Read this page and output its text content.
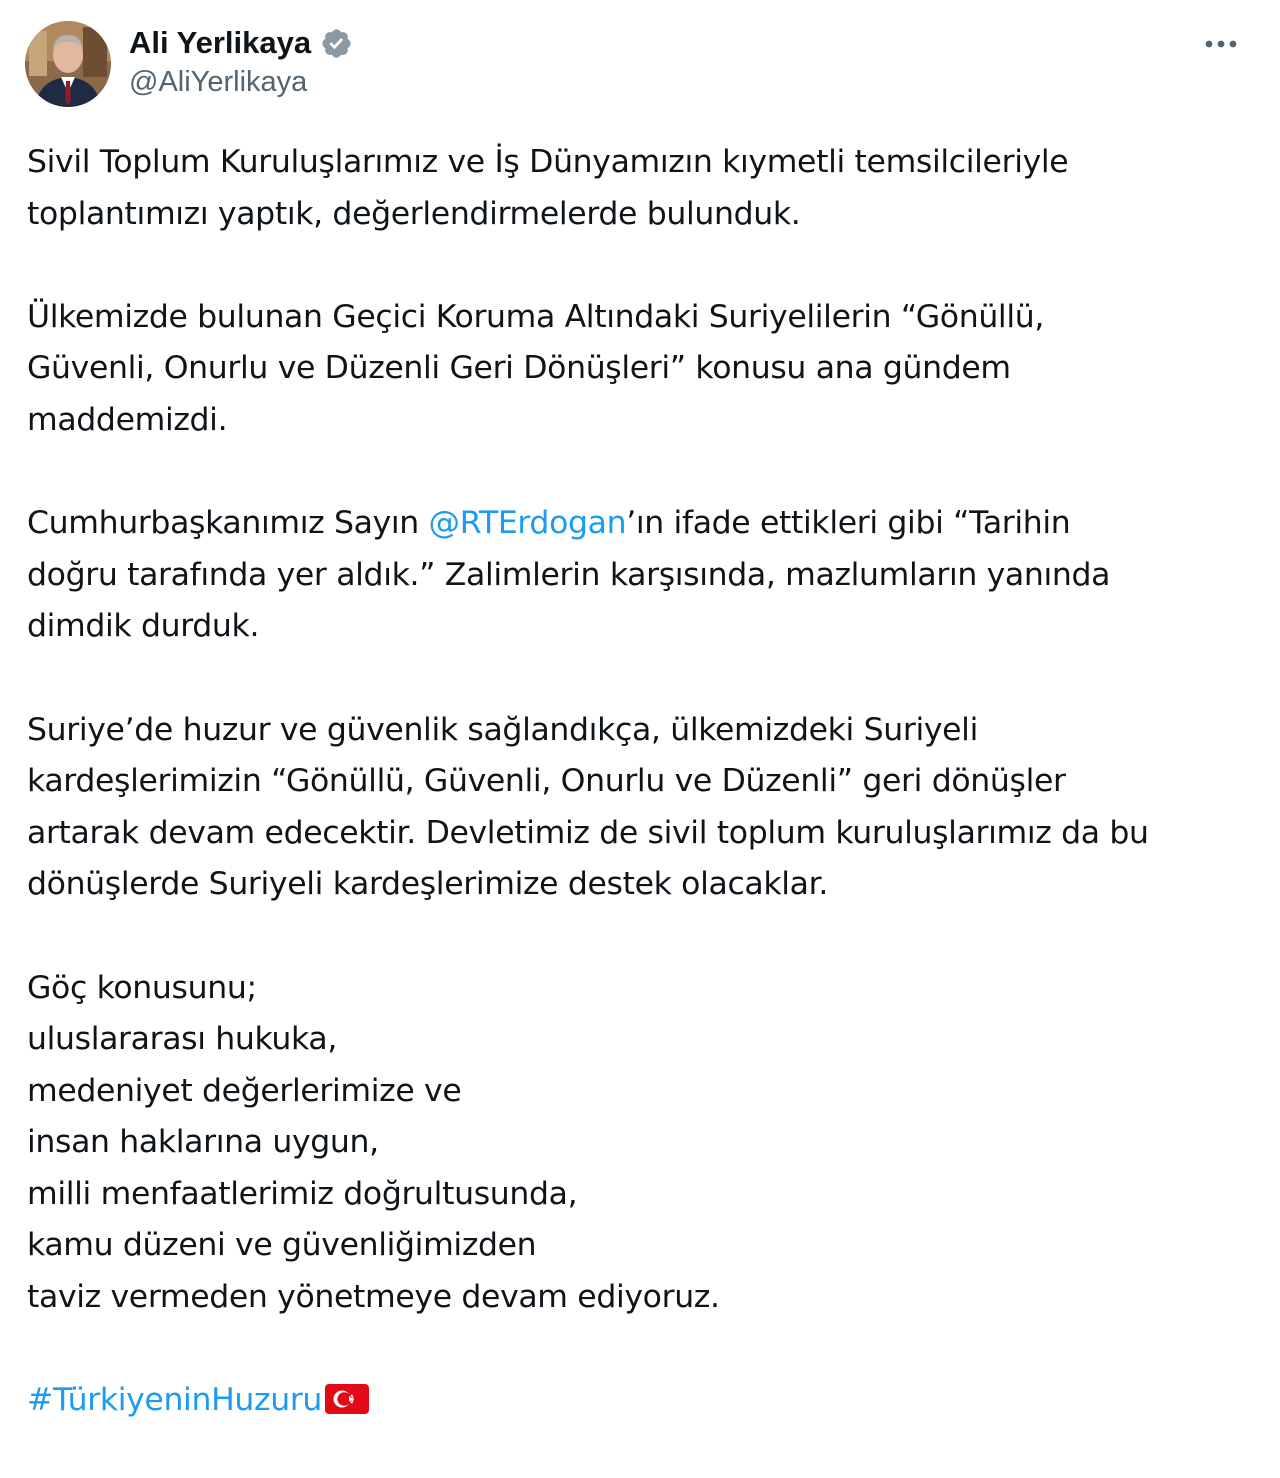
Ali Yerlikaya
@AliYerlikaya

Sivil Toplum Kuruluşlarımız ve İş Dünyamızın kıymetli temsilcileriyle
toplantımızı yaptık, değerlendirmelerde bulunduk.

Ülkemizde bulunan Geçici Koruma Altındaki Suriyelilerin “Gönüllü,
Güvenli, Onurlu ve Düzenli Geri Dönüşleri” konusu ana gündem
maddemizdi.

Cumhurbaşkanımız Sayın @RTErdogan’ın ifade ettikleri gibi “Tarihin
doğru tarafında yer aldık.” Zalimlerin karşısında, mazlumların yanında
dimdik durduk.

Suriye’de huzur ve güvenlik sağlandıkça, ülkemizdeki Suriyeli
kardeşlerimizin “Gönüllü, Güvenli, Onurlu ve Düzenli” geri dönüşler
artarak devam edecektir. Devletimiz de sivil toplum kuruluşlarımız da bu
dönüşlerde Suriyeli kardeşlerimize destek olacaklar.

Göç konusunu;
uluslararası hukuka,
medeniyet değerlerimize ve
insan haklarına uygun,
milli menfaatlerimiz doğrultusunda,
kamu düzeni ve güvenliğimizden
taviz vermeden yönetmeye devam ediyoruz.

#TürkiyeninHuzuru
